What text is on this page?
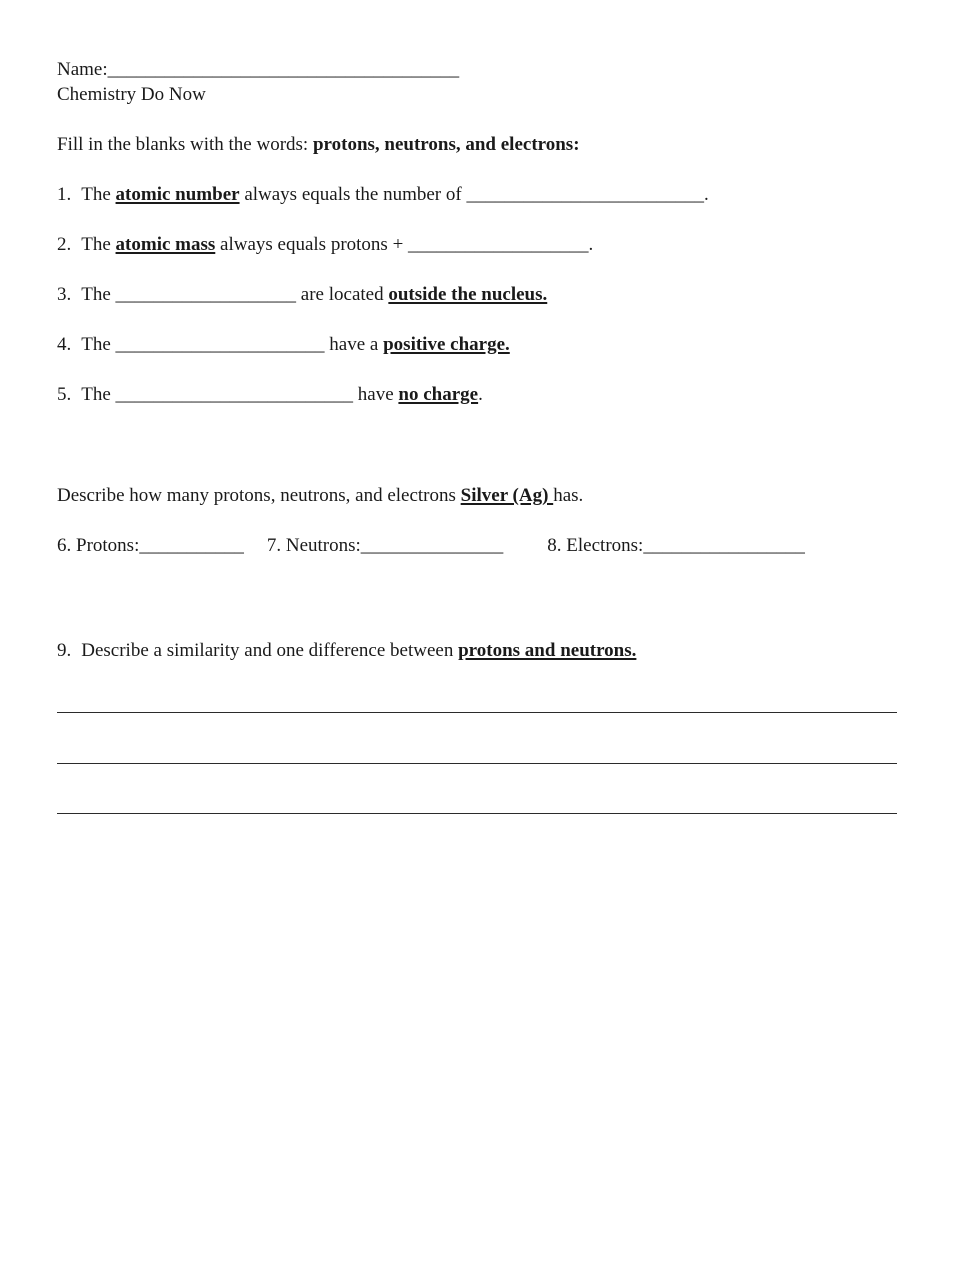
Name:_____________________________________
Chemistry Do Now

Fill in the blanks with the words: protons, neutrons, and electrons:

1. The atomic number always equals the number of _________________________.
2. The atomic mass always equals protons + ___________________.
3. The ___________________ are located outside the nucleus.
4. The ______________________ have a positive charge.
5. The _________________________ have no charge.

Describe how many protons, neutrons, and electrons Silver (Ag) has.

6. Protons:___________ 7. Neutrons:_______________ 8. Electrons:_________________
9. Describe a similarity and one difference between protons and neutrons.
